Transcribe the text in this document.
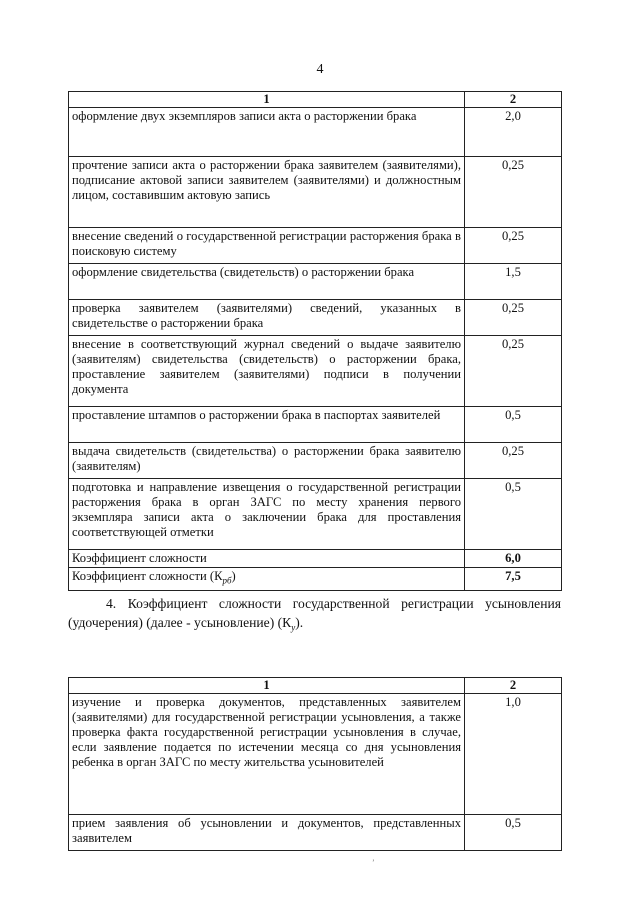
4
1	2
оформление двух экземпляров записи акта о расторжении брака	2,0
прочтение записи акта о расторжении брака заявителем (заявителями), подписание актовой записи заявителем (заявителями) и должностным лицом, составившим актовую запись	0,25
внесение сведений о государственной регистрации расторжения брака в поисковую систему	0,25
оформление свидетельства (свидетельств) о расторжении брака	1,5
проверка заявителем (заявителями) сведений, указанных в свидетельстве о расторжении брака	0,25
внесение в соответствующий журнал сведений о выдаче заявителю (заявителям) свидетельства (свидетельств) о расторжении брака, проставление заявителем (заявителями) подписи в получении документа	0,25
проставление штампов о расторжении брака в паспортах заявителей	0,5
выдача свидетельств (свидетельства) о расторжении брака заявителю (заявителям)	0,25
подготовка и направление извещения о государственной регистрации расторжения брака в орган ЗАГС по месту хранения первого экземпляра записи акта о заключении брака для проставления соответствующей отметки	0,5
Коэффициент сложности	6,0
Коэффициент сложности $(К_{рб})$	7,5
4. Коэффициент сложности государственной регистрации усыновления (удочерения) (далее - усыновление) $(К_у)$.
1	2
изучение и проверка документов, представленных заявителем (заявителями) для государственной регистрации усыновления, а также проверка факта государственной регистрации усыновления в случае, если заявление подается по истечении месяца со дня усыновления ребенка в орган ЗАГС по месту жительства усыновителей	1,0
прием заявления об усыновлении и документов, представленных заявителем	0,5
’
